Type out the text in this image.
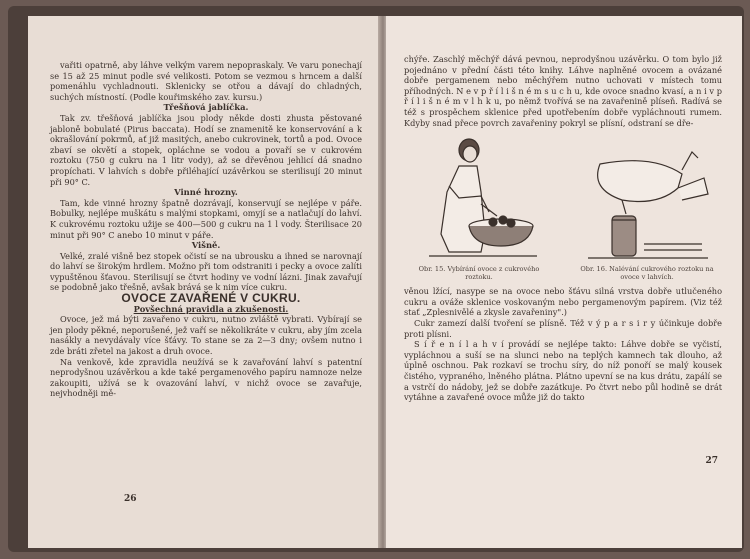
vařiti opatrně, aby láhve velkým varem nepopraskaly. Ve varu ponechají se 15 až 25 minut podle své velikosti. Potom se vezmou s hrncem a další pomenáhlu vychladnouti. Sklenicky se otřou a dávají do chladných, suchých místností. (Podle kouřimského zav. kursu.)

Třešňová jablíčka.

Tak zv. třešňová jablíčka jsou plody někde dosti zhusta pěstované jabloně bobulaté (Pirus baccata). Hodí se znamenitě ke konservování a k okrašlování pokrmů, ať již masitých, anebo cukrovinek, tortů a pod. Ovoce zbaví se okvětí a stopek, opláchne se vodou a povaří se v cukrovém roztoku (750 g cukru na 1 litr vody), až se dřevěnou jehlicí dá snadno propíchati. V lahvích s dobře přiléhající uzávěrkou se sterilisují 20 minut při 90° C.

Vinné hrozny.

Tam, kde vinné hrozny špatně dozrávají, konservují se nejlépe v páře. Bobulky, nejlépe muškátu s malými stopkami, omyjí se a natlačují do lahví. K cukrovému roztoku užije se 400—500 g cukru na 1 l vody. Šterilisace 20 minut při 90° C anebo 10 minut v páře.

Višně.

Velké, zralé višně bez stopek očistí se na ubrousku a ihned se narovnají do lahví se širokým hrdlem. Možno při tom odstraniti i pecky a ovoce zalíti vypuštěnou šťavou. Sterilisují se čtvrt hodiny ve vodní lázni. Jinak zavařují se podobně jako třešně, avšak brává se k nim více cukru.

OVOCE ZAVAŘENÉ V CUKRU.

Povšechná pravidla a zkušenosti.

Ovoce, jež má býti zavařeno v cukru, nutno zvláště vybrati. Vybírají se jen plody pěkné, neporušené, jež vaří se několikráte v cukru, aby jím zcela nasákly a nevydávaly více šťávy. To stane se za 2—3 dny; ovšem nutno i zde bráti zřetel na jakost a druh ovoce.

Na venkově, kde zpravidla neužívá se k zavařování lahví s patentní neprodyšnou uzávěrkou a kde také pergamenového papíru namnoze nelze zakoupiti, užívá se k ovazování lahví, v nichž ovoce se zavařuje, nejvhodněji mě-

26

chýře. Zaschlý měchýř dává pevnou, neprodyšnou uzávěrku. O tom bylo již pojednáno v přední části této knihy. Láhve naplněné ovocem a ovázané dobře pergamenem nebo měchýřem nutno uchovati v místech tomu příhodných. N e v p ř í l i š n é m s u c h u, kde ovoce snadno kvasí, a n i v p ř í l i š n é m v l h k u, po němž tvořívá se na zavařenině plíseň. Radívá se též s prospěchem sklenice před upotřebením dobře vypláchnouti rumem. Kdyby snad přece povrch zavařeniny pokryl se plísní, odstraní se dře-

Obr. 15. Vybírání ovoce z cukrového roztoku.
Obr. 16. Nalévání cukrového roztoku na ovoce v lahvích.

věnou lžící, nasype se na ovoce nebo šťávu silná vrstva dobře utlučeného cukru a ováže sklenice voskovaným nebo pergamenovým papírem. (Viz též stať „Zplesnivělé a zkysle zavařeniny".)

Cukr zamezí další tvoření se plísně. Též v ý p a r s i r y účinkuje dobře proti plísni.

S í ř e n í l a h v í provádí se nejlépe takto: Láhve dobře se vyčistí, vypláchnou a suší se na slunci nebo na teplých kamnech tak dlouho, až úplně oschnou. Pak rozkaví se trochu síry, do níž ponoří se malý kousek čistého, vypraného, lněného plátna. Plátno upevní se na kus drátu, zapálí se a vstrčí do nádoby, jež se dobře zazátkuje. Po čtvrt nebo půl hodině se drát vytáhne a zavařené ovoce může již do takto

27
